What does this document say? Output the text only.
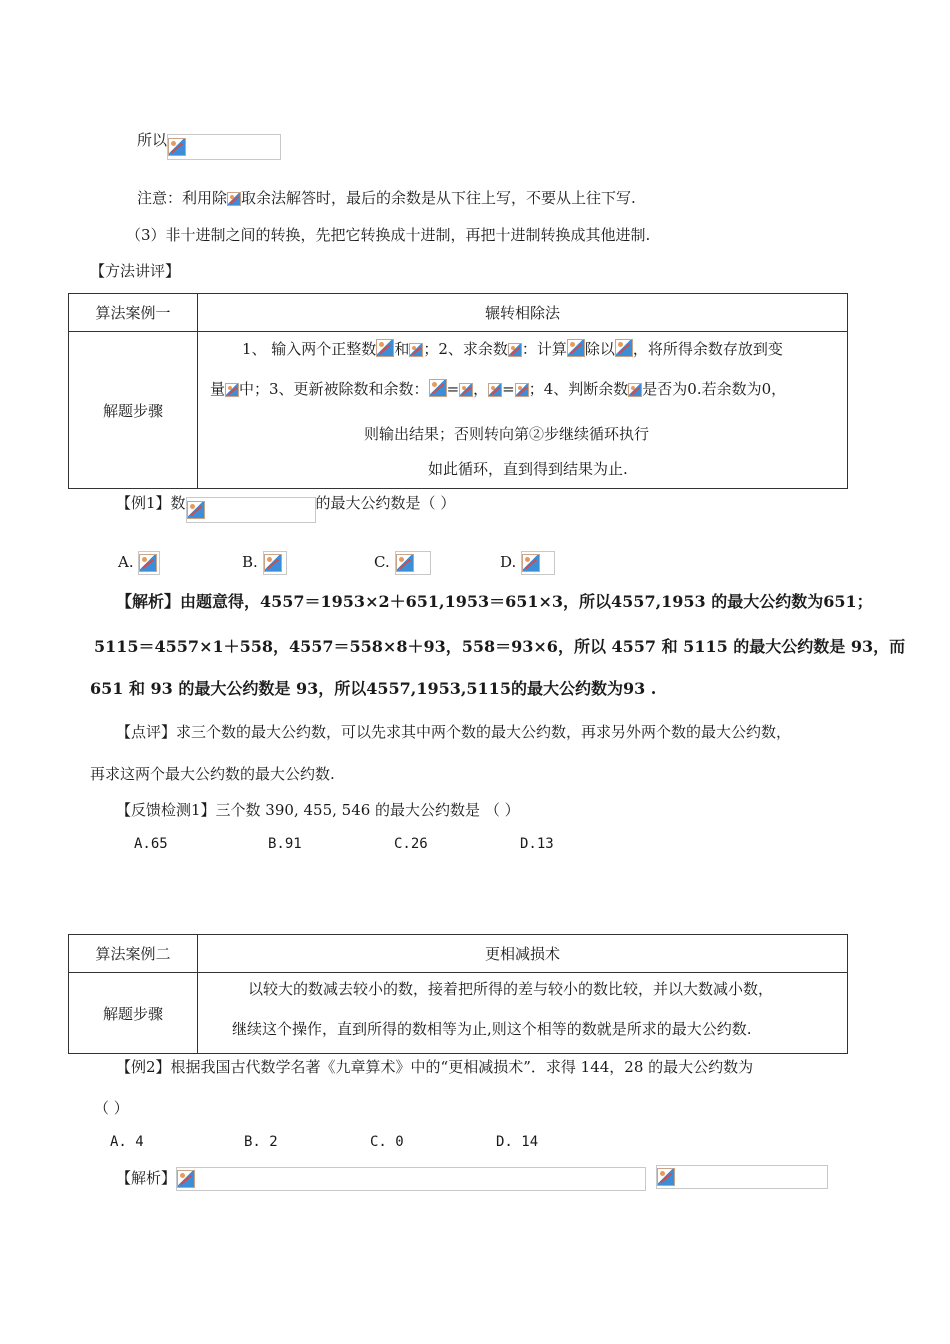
所以
注意：利用除 取余法解答时，最后的余数是从下往上写，不要从上往下写.
（3）非十进制之间的转换，先把它转换成十进制，再把十进制转换成其他进制.
【方法讲评】
算法案例一	辗转相除法
解题步骤	1、 输入两个正整数 和 ；2、求余数 ：计算 除以 ，将所得余数存放到变
量 中；3、更新被除数和余数： = ， = ；4、判断余数 是否为0.若余数为0，
则输出结果；否则转向第②步继续循环执行
如此循环，直到得到结果为止.
【例1】数	的最大公约数是（ ）
A.	B.	C.	D.
【解析】由题意得，4557＝1953×2＋651,1953＝651×3，所以4557,1953 的最大公约数为651；
5115＝4557×1＋558，4557＝558×8＋93，558＝93×6，所以 4557 和 5115 的最大公约数是 93，而
651 和 93 的最大公约数是 93，所以4557,1953,5115的最大公约数为93 .
【点评】求三个数的最大公约数，可以先求其中两个数的最大公约数，再求另外两个数的最大公约数，
再求这两个最大公约数的最大公约数.
【反馈检测1】三个数 390, 455, 546 的最大公约数是 （ ）
A.65	B.91	C.26	D.13
算法案例二	更相减损术
解题步骤	以较大的数减去较小的数，接着把所得的差与较小的数比较，并以大数减小数，
继续这个操作，直到所得的数相等为止,则这个相等的数就是所求的最大公约数.
【例2】根据我国古代数学名著《九章算术》中的“更相减损术”．求得 144，28 的最大公约数为
（ ）
A. 4	B. 2	C. 0	D. 14
【解析】
